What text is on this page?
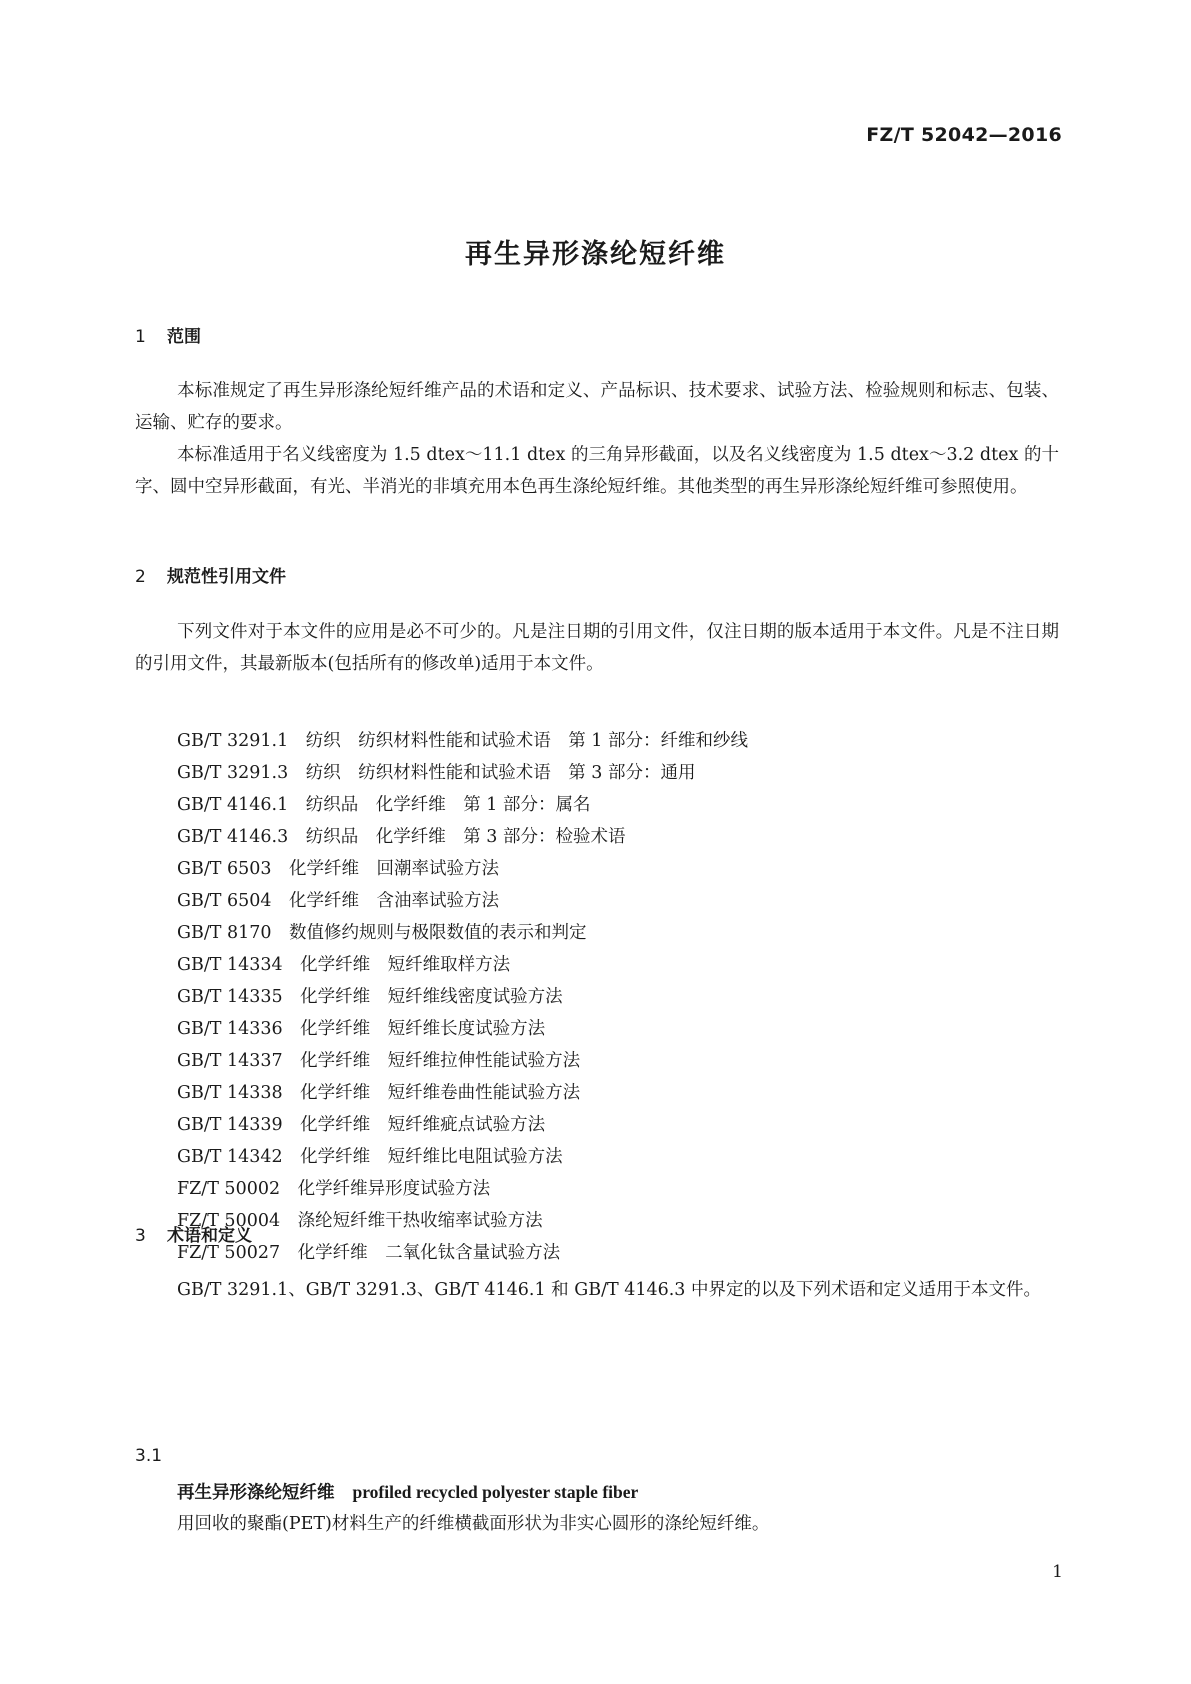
FZ/T 52042—2016
再生异形涤纶短纤维
1 范围
本标准规定了再生异形涤纶短纤维产品的术语和定义、产品标识、技术要求、试验方法、检验规则和标志、包装、运输、贮存的要求。
本标准适用于名义线密度为 1.5 dtex～11.1 dtex 的三角异形截面，以及名义线密度为 1.5 dtex～3.2 dtex 的十字、圆中空异形截面，有光、半消光的非填充用本色再生涤纶短纤维。其他类型的再生异形涤纶短纤维可参照使用。
2 规范性引用文件
下列文件对于本文件的应用是必不可少的。凡是注日期的引用文件，仅注日期的版本适用于本文件。凡是不注日期的引用文件，其最新版本(包括所有的修改单)适用于本文件。
GB/T 3291.1　 纺织　纺织材料性能和试验术语　第 1 部分：纤维和纱线
GB/T 3291.3　 纺织　纺织材料性能和试验术语　第 3 部分：通用
GB/T 4146.1　 纺织品　化学纤维　第 1 部分：属名
GB/T 4146.3　 纺织品　化学纤维　第 3 部分：检验术语
GB/T 6503　 化学纤维　回潮率试验方法
GB/T 6504　 化学纤维　含油率试验方法
GB/T 8170　 数值修约规则与极限数值的表示和判定
GB/T 14334　 化学纤维　短纤维取样方法
GB/T 14335　 化学纤维　短纤维线密度试验方法
GB/T 14336　 化学纤维　短纤维长度试验方法
GB/T 14337　 化学纤维　短纤维拉伸性能试验方法
GB/T 14338　 化学纤维　短纤维卷曲性能试验方法
GB/T 14339　 化学纤维　短纤维疵点试验方法
GB/T 14342　 化学纤维　短纤维比电阻试验方法
FZ/T 50002　 化学纤维异形度试验方法
FZ/T 50004　 涤纶短纤维干热收缩率试验方法
FZ/T 50027　 化学纤维　二氧化钛含量试验方法
3 术语和定义
GB/T 3291.1、GB/T 3291.3、GB/T 4146.1 和 GB/T 4146.3 中界定的以及下列术语和定义适用于本文件。
3.1
再生异形涤纶短纤维 profiled recycled polyester staple fiber
用回收的聚酯(PET)材料生产的纤维横截面形状为非实心圆形的涤纶短纤维。
1
